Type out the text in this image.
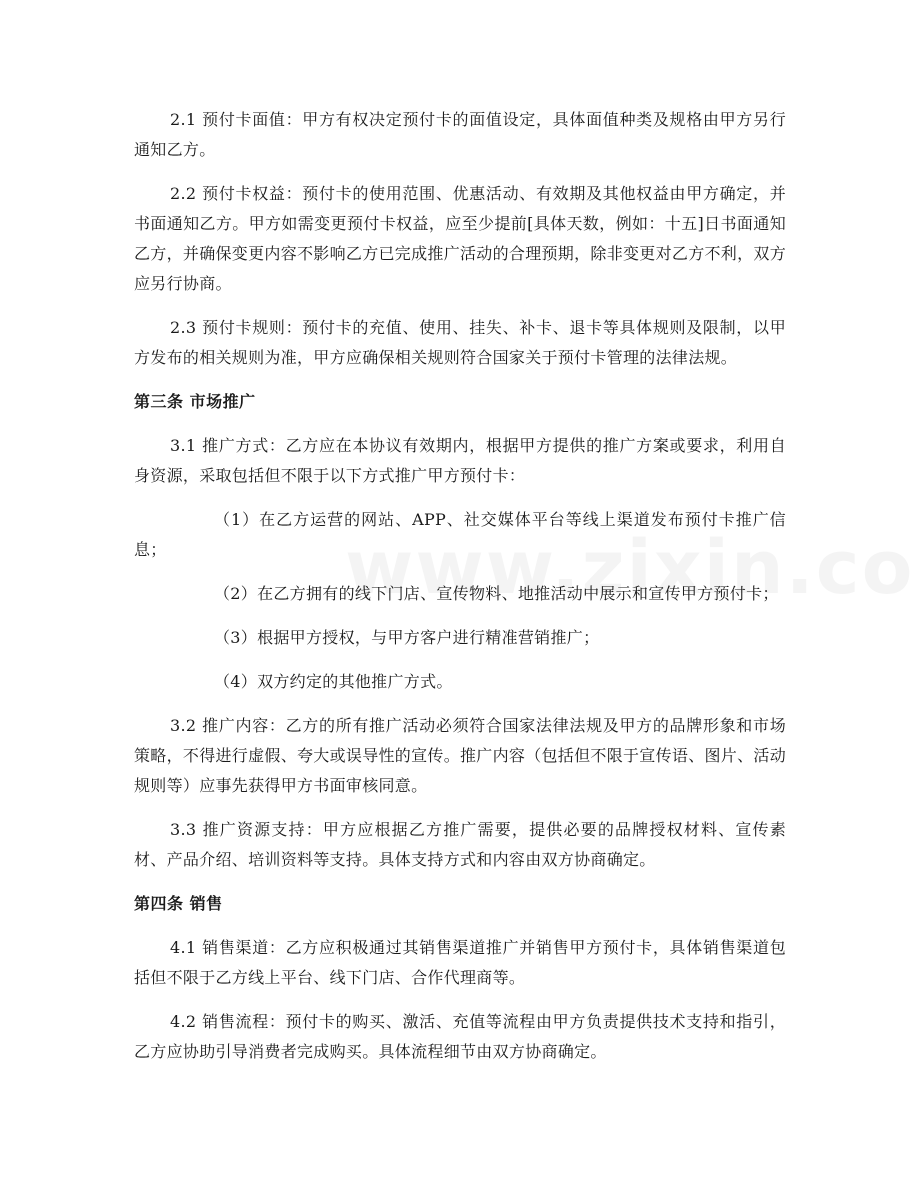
2.1 预付卡面值：甲方有权决定预付卡的面值设定，具体面值种类及规格由甲方另行通知乙方。

2.2 预付卡权益：预付卡的使用范围、优惠活动、有效期及其他权益由甲方确定，并书面通知乙方。甲方如需变更预付卡权益，应至少提前[具体天数，例如：十五]日书面通知乙方，并确保变更内容不影响乙方已完成推广活动的合理预期，除非变更对乙方不利，双方应另行协商。

2.3 预付卡规则：预付卡的充值、使用、挂失、补卡、退卡等具体规则及限制，以甲方发布的相关规则为准，甲方应确保相关规则符合国家关于预付卡管理的法律法规。

第三条 市场推广

3.1 推广方式：乙方应在本协议有效期内，根据甲方提供的推广方案或要求，利用自身资源，采取包括但不限于以下方式推广甲方预付卡：

（1）在乙方运营的网站、APP、社交媒体平台等线上渠道发布预付卡推广信息；

（2）在乙方拥有的线下门店、宣传物料、地推活动中展示和宣传甲方预付卡；

（3）根据甲方授权，与甲方客户进行精准营销推广；

（4）双方约定的其他推广方式。

3.2 推广内容：乙方的所有推广活动必须符合国家法律法规及甲方的品牌形象和市场策略，不得进行虚假、夸大或误导性的宣传。推广内容（包括但不限于宣传语、图片、活动规则等）应事先获得甲方书面审核同意。

3.3 推广资源支持：甲方应根据乙方推广需要，提供必要的品牌授权材料、宣传素材、产品介绍、培训资料等支持。具体支持方式和内容由双方协商确定。

第四条 销售

4.1 销售渠道：乙方应积极通过其销售渠道推广并销售甲方预付卡，具体销售渠道包括但不限于乙方线上平台、线下门店、合作代理商等。

4.2 销售流程：预付卡的购买、激活、充值等流程由甲方负责提供技术支持和指引，乙方应协助引导消费者完成购买。具体流程细节由双方协商确定。
